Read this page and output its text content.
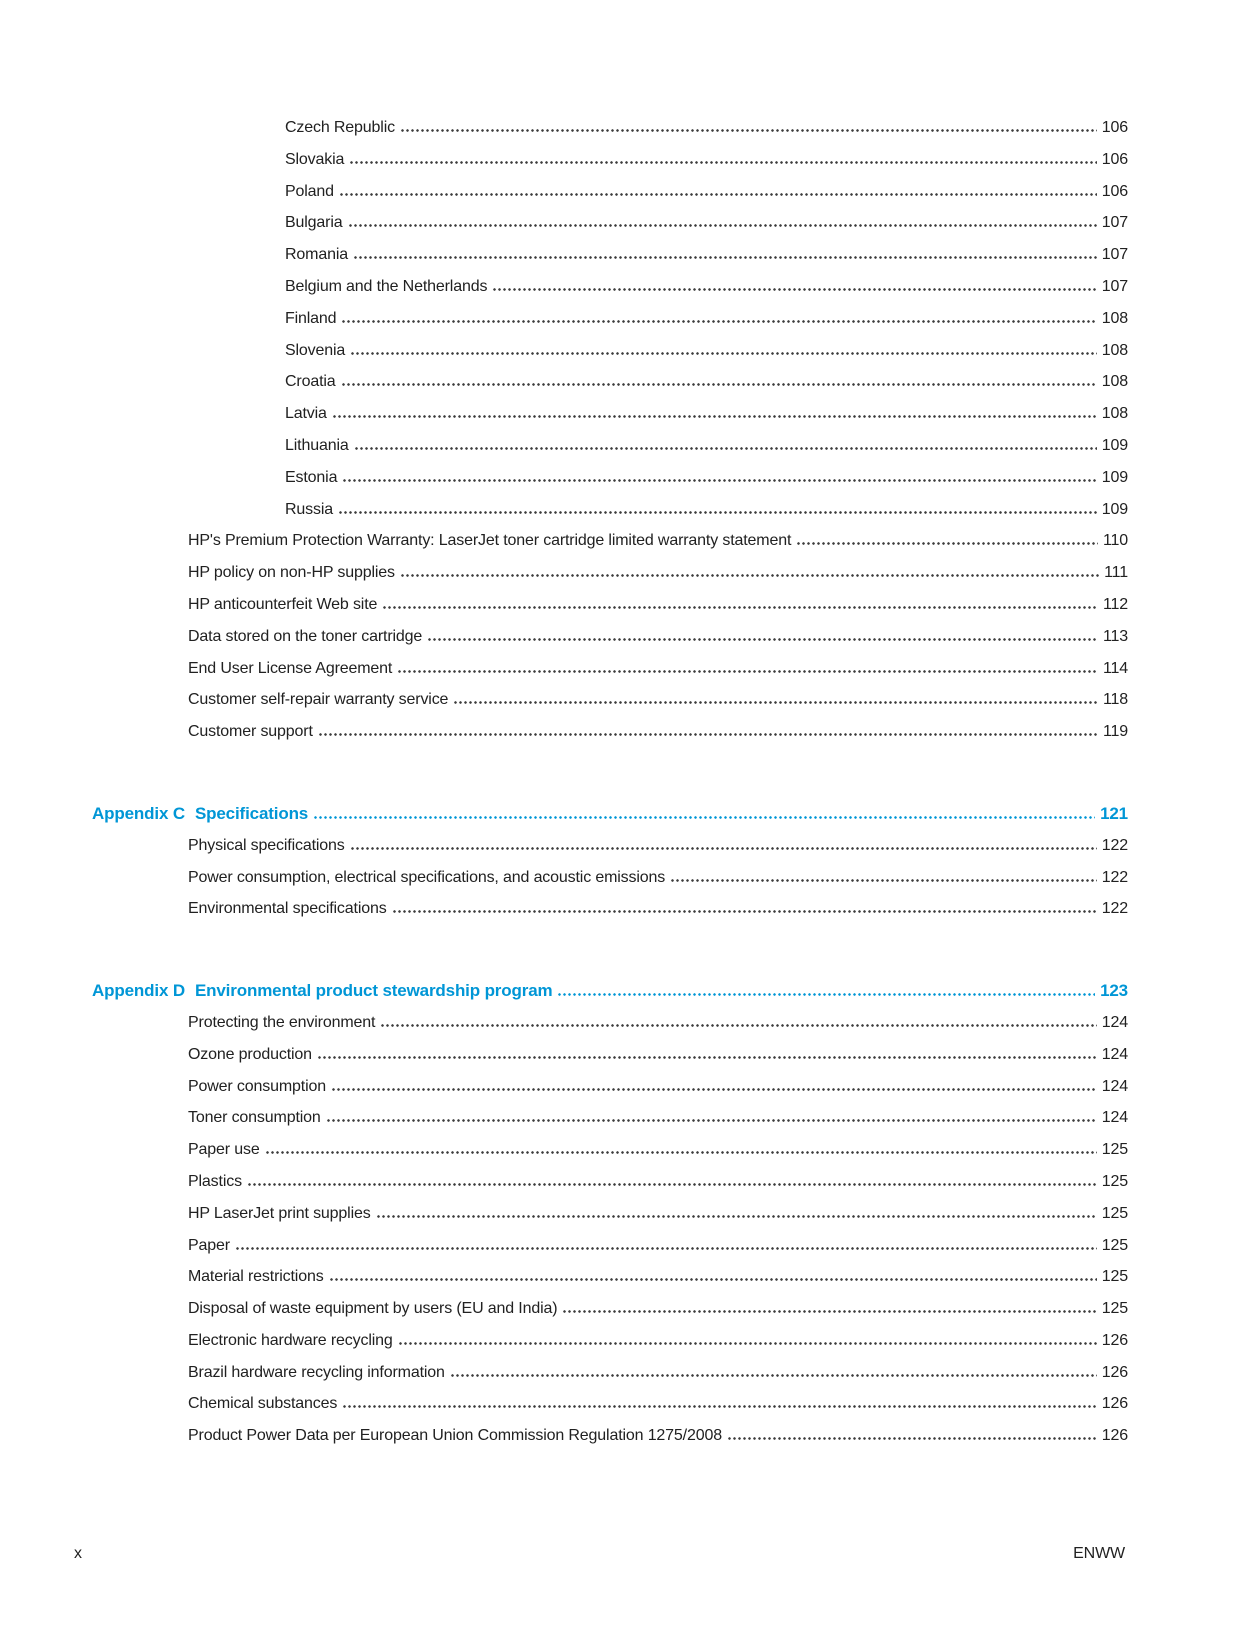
Czech Republic	106
Slovakia	106
Poland	106
Bulgaria	107
Romania	107
Belgium and the Netherlands	107
Finland	108
Slovenia	108
Croatia	108
Latvia	108
Lithuania	109
Estonia	109
Russia	109
HP's Premium Protection Warranty: LaserJet toner cartridge limited warranty statement	110
HP policy on non-HP supplies	111
HP anticounterfeit Web site	112
Data stored on the toner cartridge	113
End User License Agreement	114
Customer self-repair warranty service	118
Customer support	119
Appendix C Specifications	121
Physical specifications	122
Power consumption, electrical specifications, and acoustic emissions	122
Environmental specifications	122
Appendix D Environmental product stewardship program	123
Protecting the environment	124
Ozone production	124
Power consumption	124
Toner consumption	124
Paper use	125
Plastics	125
HP LaserJet print supplies	125
Paper	125
Material restrictions	125
Disposal of waste equipment by users (EU and India)	125
Electronic hardware recycling	126
Brazil hardware recycling information	126
Chemical substances	126
Product Power Data per European Union Commission Regulation 1275/2008	126
x	ENWW
